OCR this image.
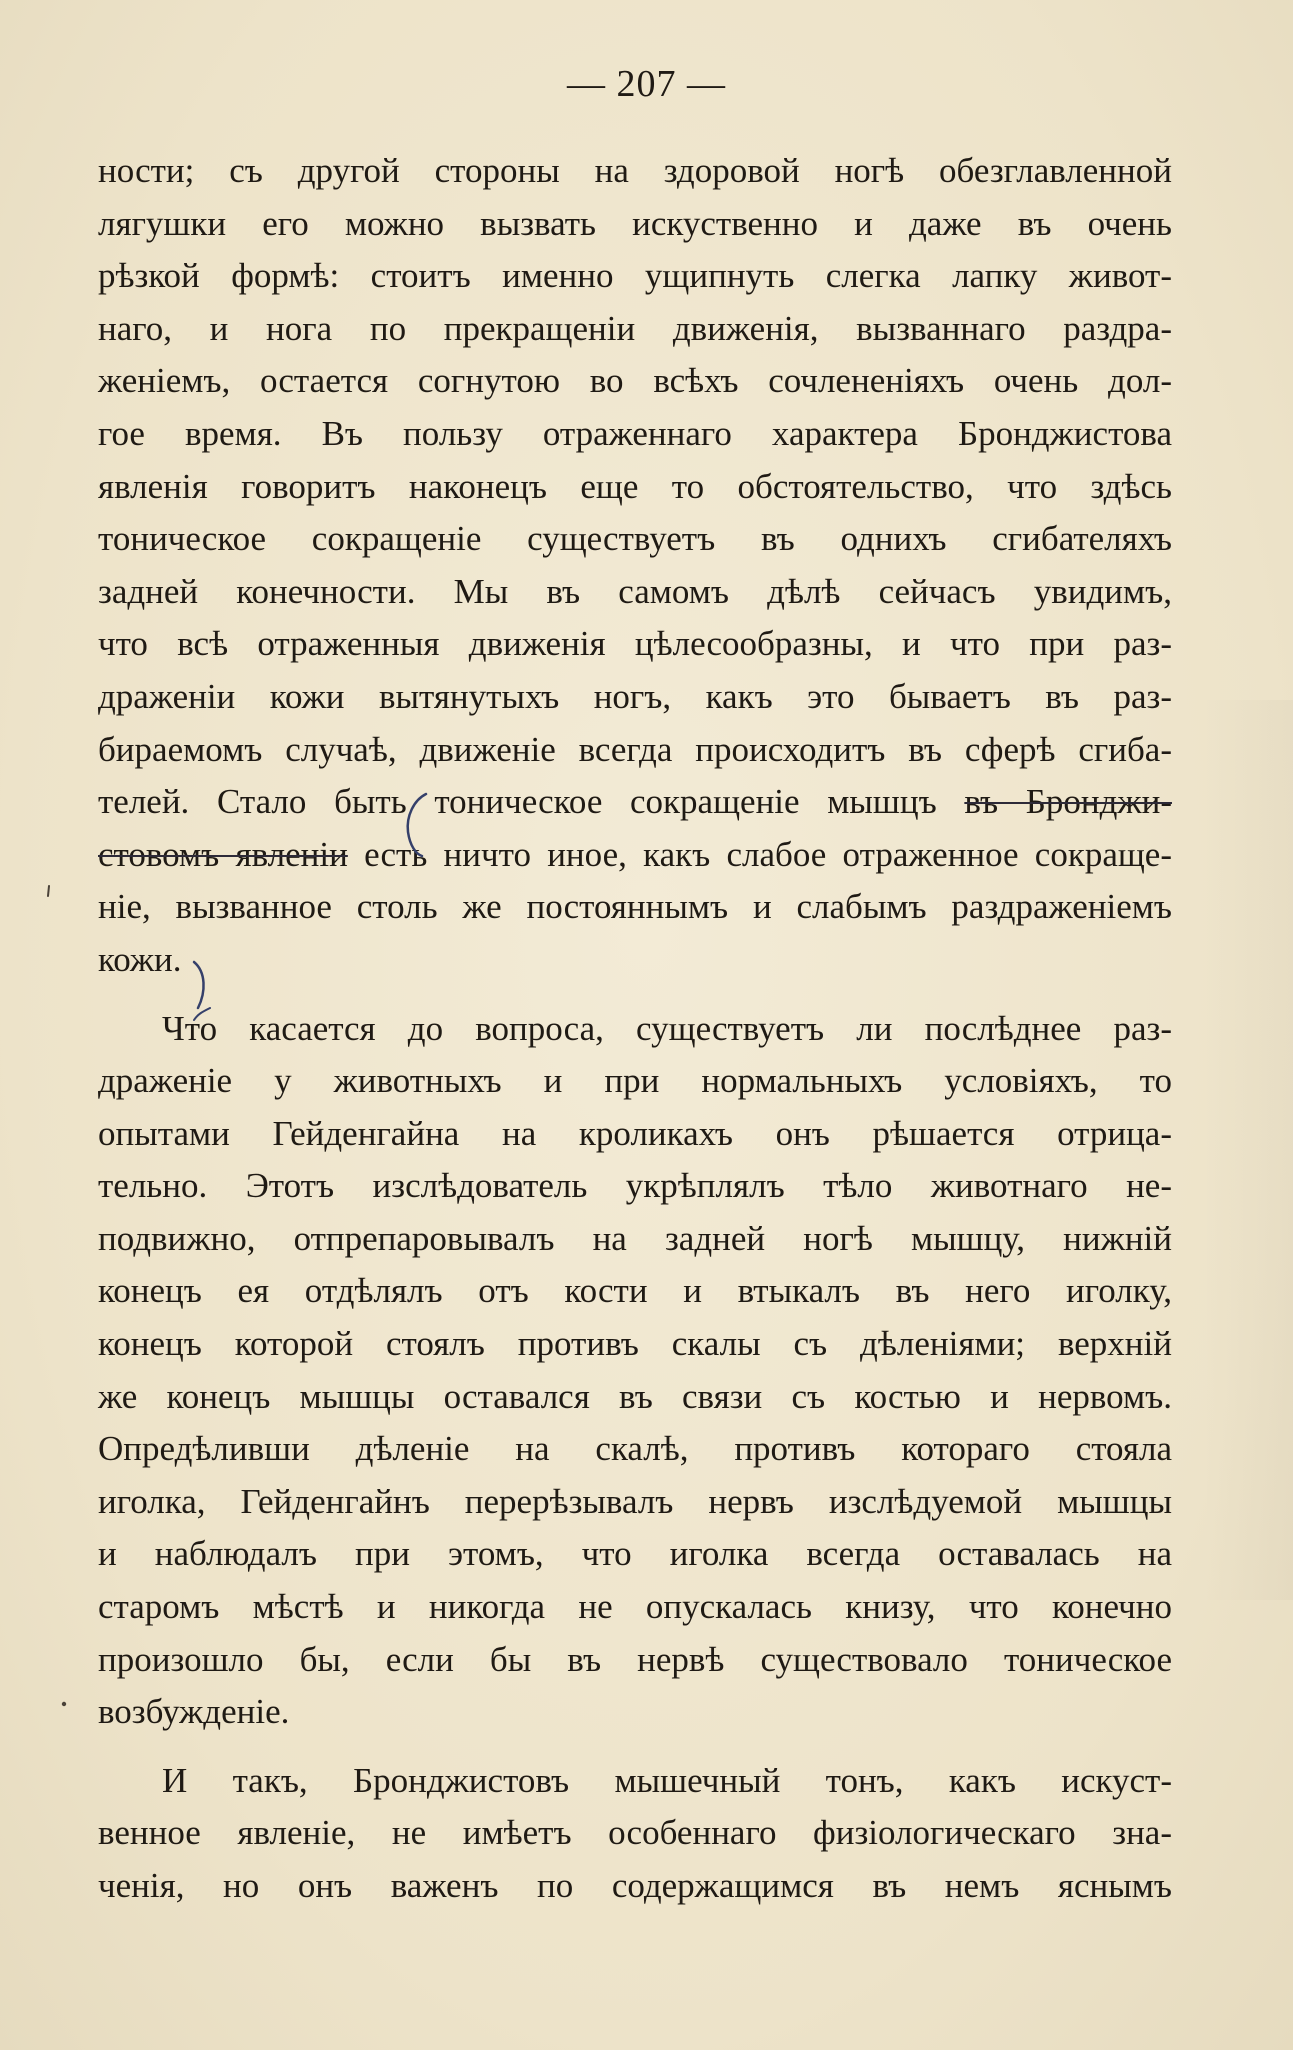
— 207 —
ности; съ другой стороны на здоровой ногѣ обезглавленной
лягушки его можно вызвать искуственно и даже въ очень
рѣзкой формѣ: стоитъ именно ущипнуть слегка лапку живот-
наго, и нога по прекращеніи движенія, вызваннаго раздра-
женіемъ, остается согнутою во всѣхъ сочлененіяхъ очень дол-
гое время. Въ пользу отраженнаго характера Бронджистова
явленія говоритъ наконецъ еще то обстоятельство, что здѣсь
тоническое сокращеніе существуетъ въ однихъ сгибателяхъ
задней конечности. Мы въ самомъ дѣлѣ сейчасъ увидимъ,
что всѣ отраженныя движенія цѣлесообразны, и что при раз-
драженіи кожи вытянутыхъ ногъ, какъ это бываетъ въ раз-
бираемомъ случаѣ, движеніе всегда происходитъ въ сферѣ сгиба-
телей. Стало быть тоническое сокращеніе мышцъ въ Бронджи-
стовомъ явленіи есть ничто иное, какъ слабое отраженное сокраще-
ніе, вызванное столь же постояннымъ и слабымъ раздраженіемъ
кожи.
Что касается до вопроса, существуетъ ли послѣднее раз-
драженіе у животныхъ и при нормальныхъ условіяхъ, то
опытами Гейденгайна на кроликахъ онъ рѣшается отрица-
тельно. Этотъ изслѣдователь укрѣплялъ тѣло животнаго не-
подвижно, отпрепаровывалъ на задней ногѣ мышцу, нижній
конецъ ея отдѣлялъ отъ кости и втыкалъ въ него иголку,
конецъ которой стоялъ противъ скалы съ дѣленіями; верхній
же конецъ мышцы оставался въ связи съ костью и нервомъ.
Опредѣливши дѣленіе на скалѣ, противъ котораго стояла
иголка, Гейденгайнъ перерѣзывалъ нервъ изслѣдуемой мышцы
и наблюдалъ при этомъ, что иголка всегда оставалась на
старомъ мѣстѣ и никогда не опускалась книзу, что конечно
произошло бы, если бы въ нервѣ существовало тоническое
возбужденіе.
И такъ, Бронджистовъ мышечный тонъ, какъ искуст-
венное явленіе, не имѣетъ особеннаго физіологическаго зна-
ченія, но онъ важенъ по содержащимся въ немъ яснымъ
